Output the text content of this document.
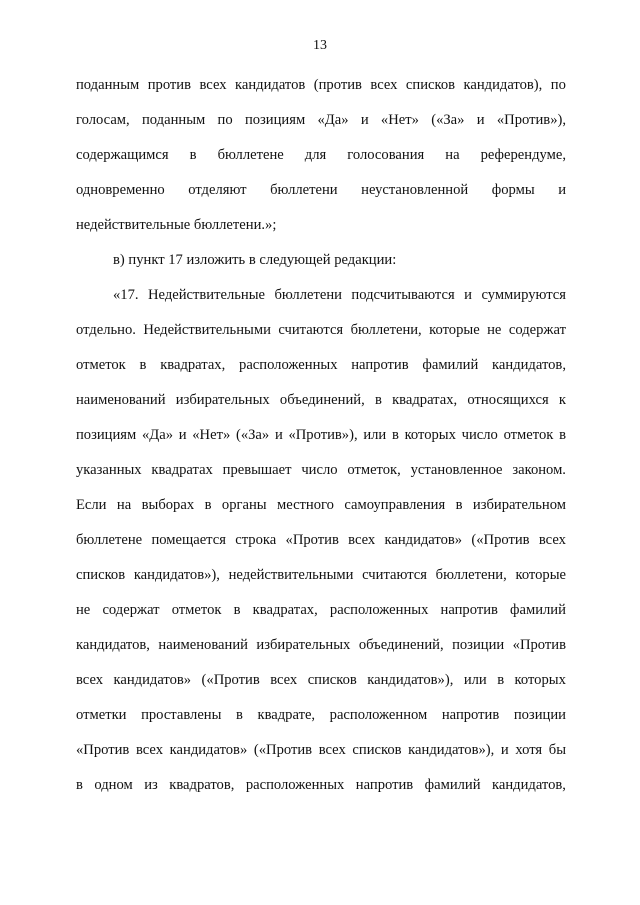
13
поданным против всех кандидатов (против всех списков кандидатов), по
голосам, поданным по позициям «Да» и «Нет» («За» и «Против»),
содержащимся в бюллетене для голосования на референдуме,
одновременно отделяют бюллетени неустановленной формы и
недействительные бюллетени.»;
в) пункт 17 изложить в следующей редакции:
«17. Недействительные бюллетени подсчитываются и суммируются
отдельно. Недействительными считаются бюллетени, которые не содержат
отметок в квадратах, расположенных напротив фамилий кандидатов,
наименований избирательных объединений, в квадратах, относящихся к
позициям «Да» и «Нет» («За» и «Против»), или в которых число отметок в
указанных квадратах превышает число отметок, установленное законом.
Если на выборах в органы местного самоуправления в избирательном
бюллетене помещается строка «Против всех кандидатов» («Против всех
списков кандидатов»), недействительными считаются бюллетени, которые
не содержат отметок в квадратах, расположенных напротив фамилий
кандидатов, наименований избирательных объединений, позиции «Против
всех кандидатов» («Против всех списков кандидатов»), или в которых
отметки проставлены в квадрате, расположенном напротив позиции
«Против всех кандидатов» («Против всех списков кандидатов»), и хотя бы
в одном из квадратов, расположенных напротив фамилий кандидатов,
